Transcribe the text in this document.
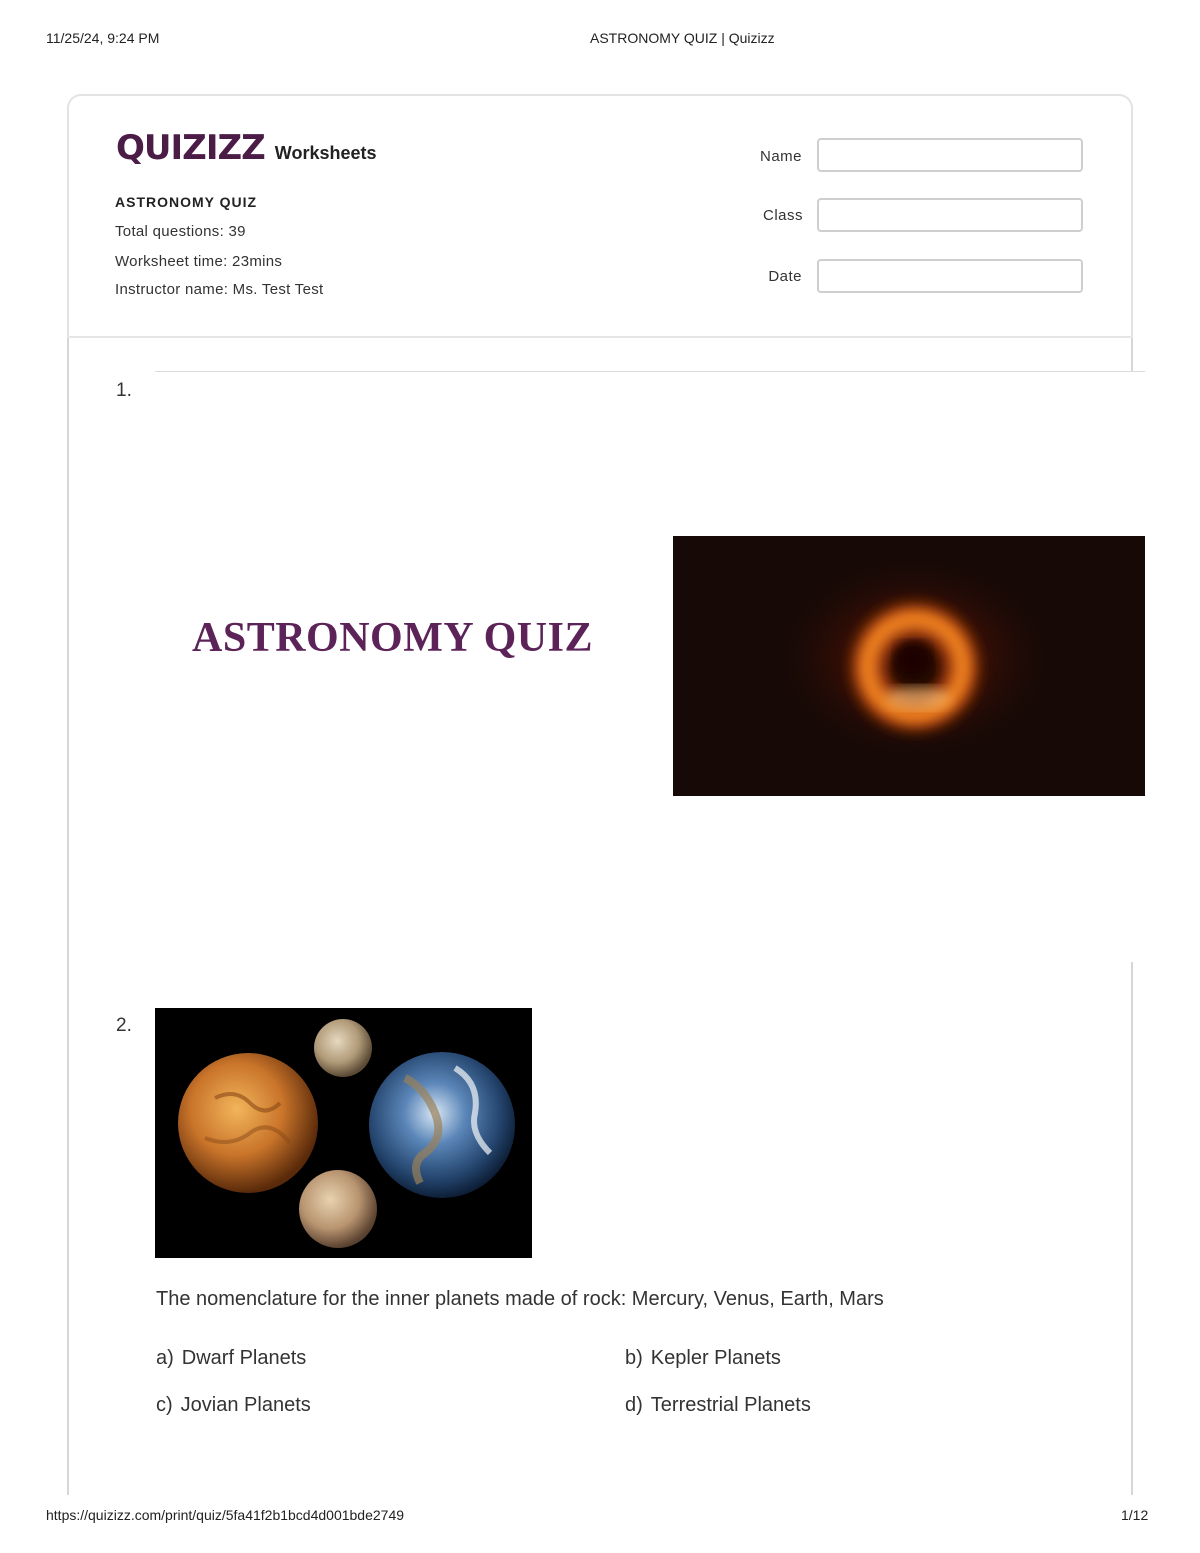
11/25/24, 9:24 PM	ASTRONOMY QUIZ | Quizizz
QUIZIZZ Worksheets
ASTRONOMY QUIZ
Total questions: 39
Worksheet time: 23mins
Instructor name: Ms. Test Test
Name
Class
Date
1.
ASTRONOMY QUIZ
2.
The nomenclature for the inner planets made of rock: Mercury, Venus, Earth, Mars
a) Dwarf Planets	b) Kepler Planets
c) Jovian Planets	d) Terrestrial Planets
https://quizizz.com/print/quiz/5fa41f2b1bcd4d001bde2749	1/12
